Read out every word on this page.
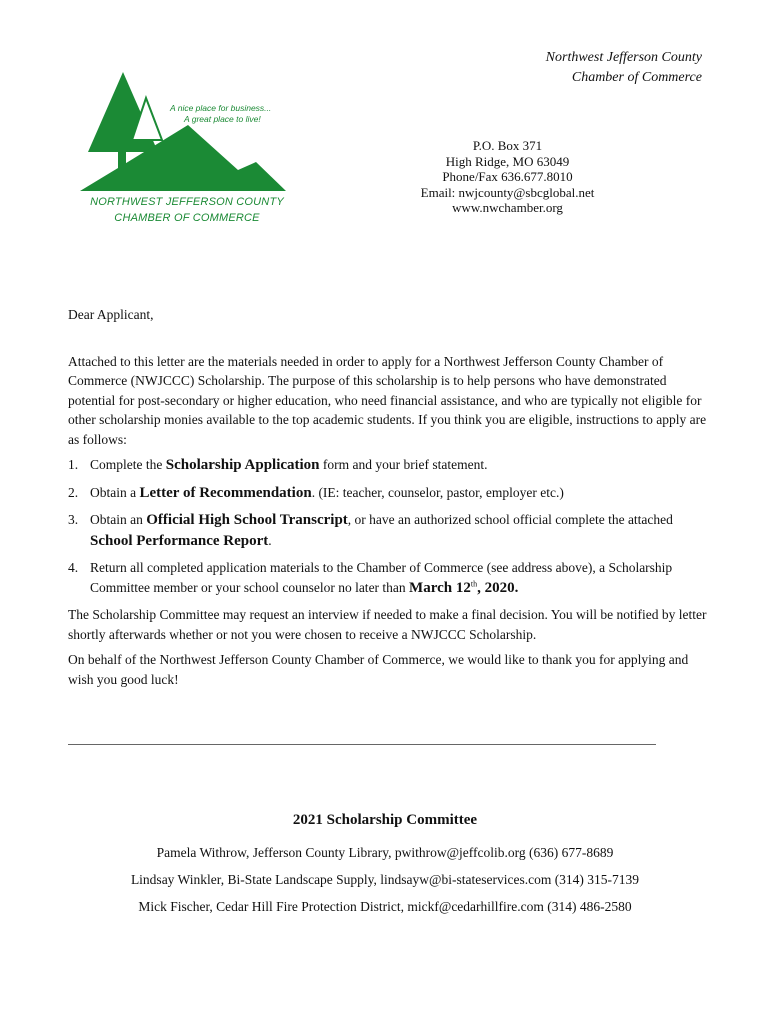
Northwest Jefferson County
Chamber of Commerce
A nice place for business...
A great place to live!
NORTHWEST JEFFERSON COUNTY
CHAMBER OF COMMERCE
P.O. Box 371
High Ridge, MO 63049
Phone/Fax 636.677.8010
Email: nwjcounty@sbcglobal.net
www.nwchamber.org

Dear Applicant,

Attached to this letter are the materials needed in order to apply for a Northwest Jefferson County Chamber of Commerce (NWJCCC) Scholarship. The purpose of this scholarship is to help persons who have demonstrated potential for post-secondary or higher education, who need financial assistance, and who are typically not eligible for other scholarship monies available to the top academic students. If you think you are eligible, instructions to apply are as follows:

1. Complete the Scholarship Application form and your brief statement.
2. Obtain a Letter of Recommendation. (IE: teacher, counselor, pastor, employer etc.)
3. Obtain an Official High School Transcript, or have an authorized school official complete the attached School Performance Report.
4. Return all completed application materials to the Chamber of Commerce (see address above), a Scholarship Committee member or your school counselor no later than March 12th, 2020.

The Scholarship Committee may request an interview if needed to make a final decision. You will be notified by letter shortly afterwards whether or not you were chosen to receive a NWJCCC Scholarship.

On behalf of the Northwest Jefferson County Chamber of Commerce, we would like to thank you for applying and wish you good luck!

2021 Scholarship Committee
Pamela Withrow, Jefferson County Library, pwithrow@jeffcolib.org (636) 677-8689
Lindsay Winkler, Bi-State Landscape Supply, lindsayw@bi-stateservices.com (314) 315-7139
Mick Fischer, Cedar Hill Fire Protection District, mickf@cedarhillfire.com (314) 486-2580
